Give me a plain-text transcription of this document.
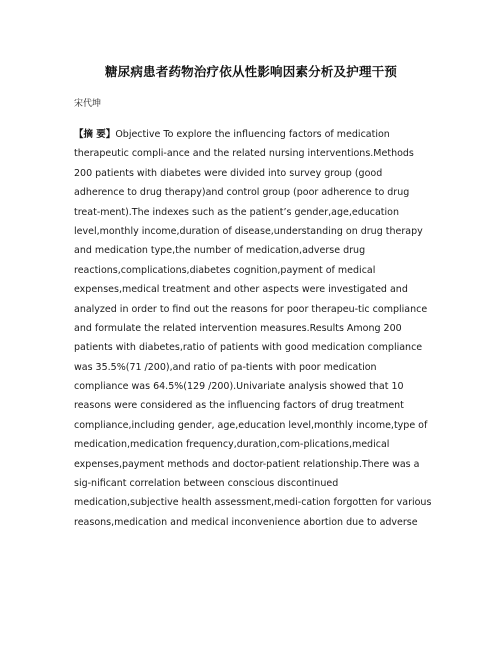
糖尿病患者药物治疗依从性影响因素分析及护理干预
宋代坤
【摘 要】Objective To explore the influencing factors of medication
therapeutic compli-ance and the related nursing interventions.Methods
200 patients with diabetes were divided into survey group (good
adherence to drug therapy)and control group (poor adherence to drug
treat-ment).The indexes such as the patient’s gender,age,education
level,monthly income,duration of disease,understanding on drug therapy
and medication type,the number of medication,adverse drug
reactions,complications,diabetes cognition,payment of medical
expenses,medical treatment and other aspects were investigated and
analyzed in order to find out the reasons for poor therapeu-tic compliance
and formulate the related intervention measures.Results Among 200
patients with diabetes,ratio of patients with good medication compliance
was 35.5%(71 /200),and ratio of pa-tients with poor medication
compliance was 64.5%(129 /200).Univariate analysis showed that 10
reasons were considered as the influencing factors of drug treatment
compliance,including gender, age,education level,monthly income,type of
medication,medication frequency,duration,com-plications,medical
expenses,payment methods and doctor-patient relationship.There was a
sig-nificant correlation between conscious discontinued
medication,subjective health assessment,medi-cation forgotten for various
reasons,medication and medical inconvenience abortion due to adverse
